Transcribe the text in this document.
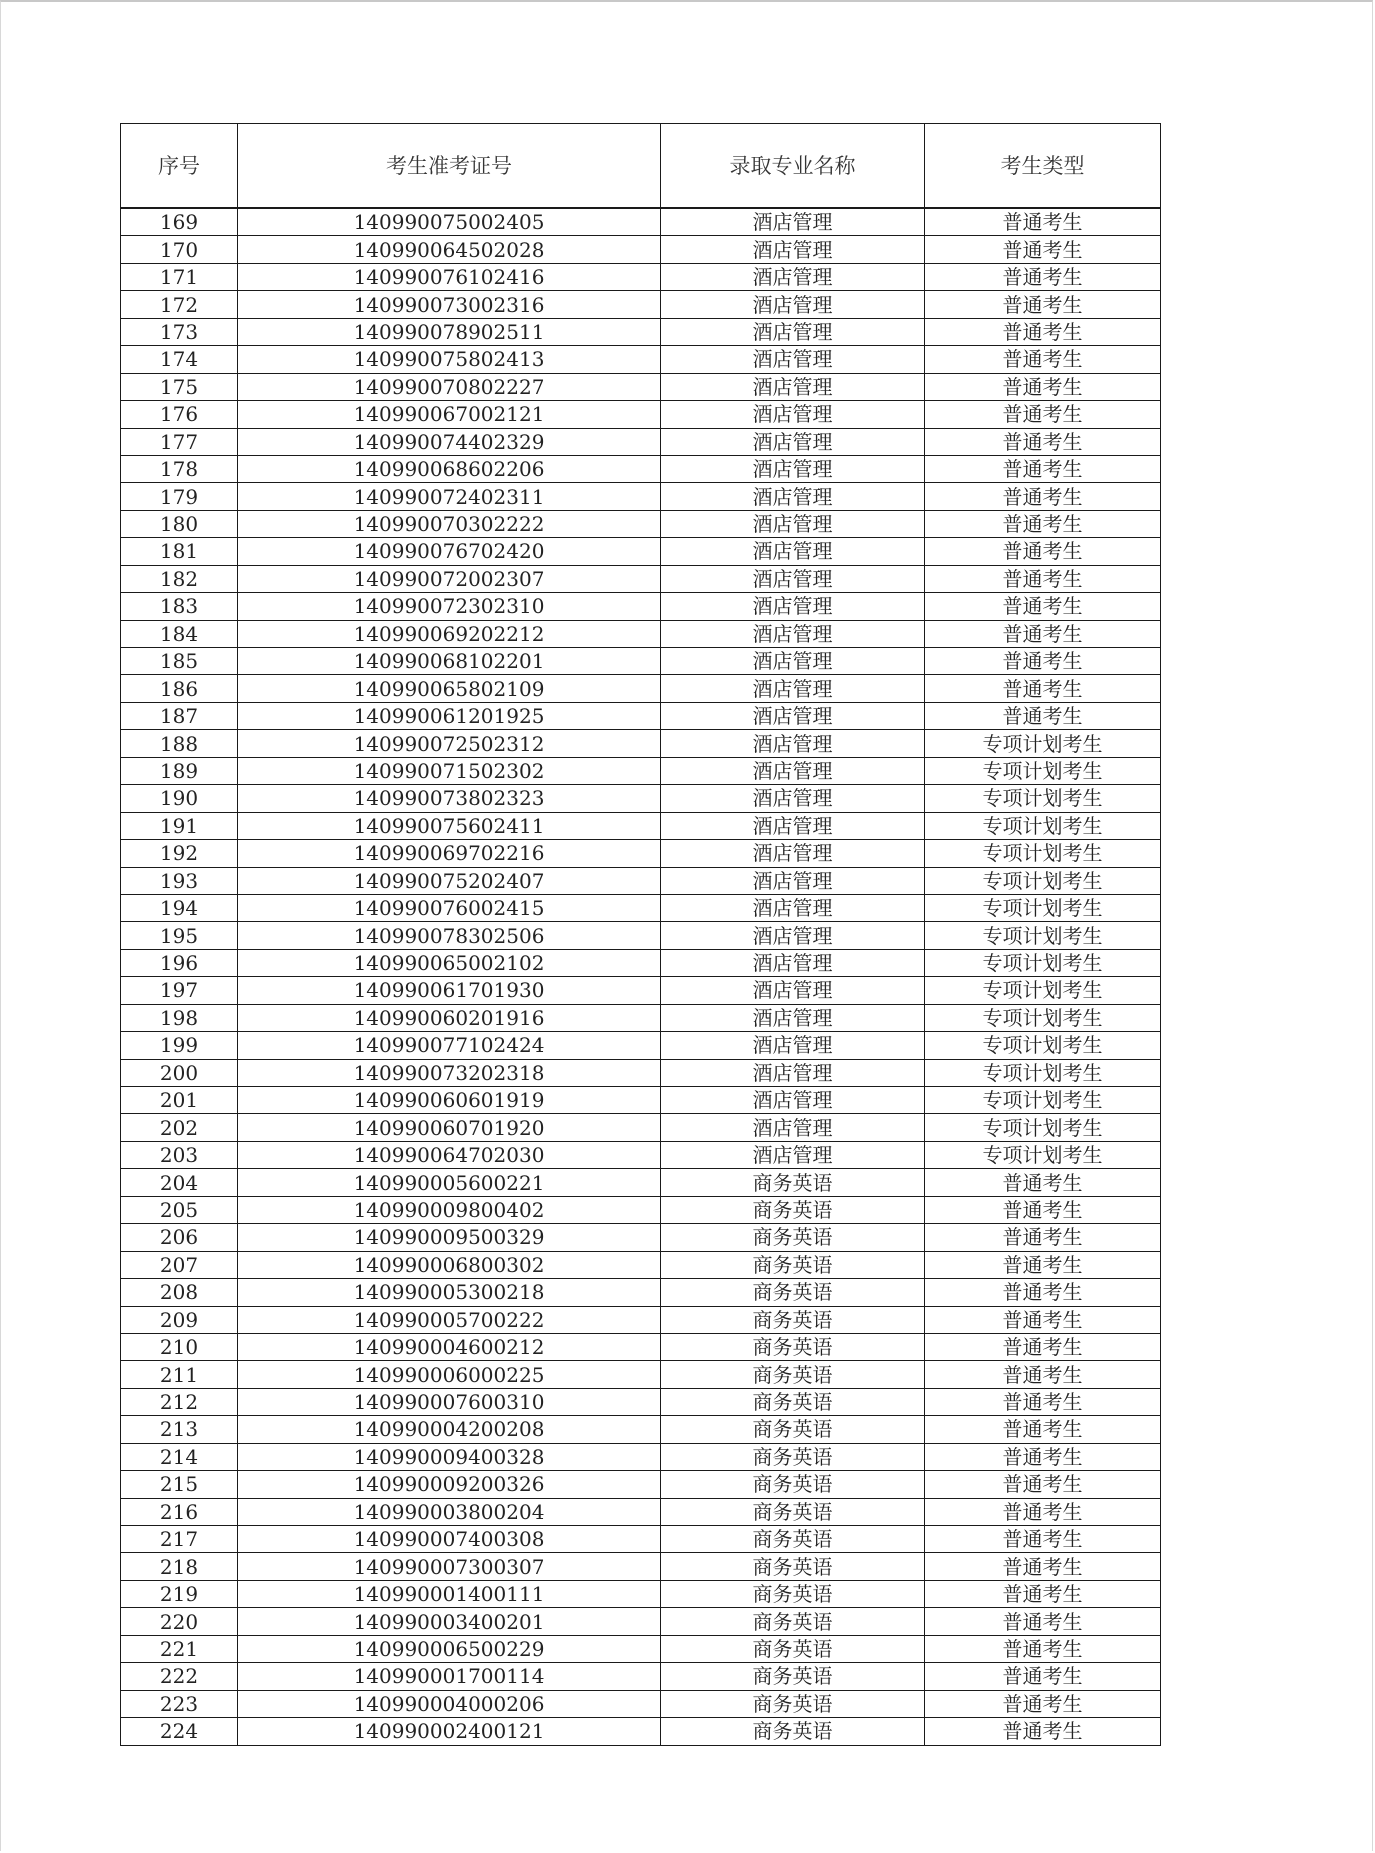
序号	考生准考证号	录取专业名称	考生类型
169	140990075002405	酒店管理	普通考生
170	140990064502028	酒店管理	普通考生
171	140990076102416	酒店管理	普通考生
172	140990073002316	酒店管理	普通考生
173	140990078902511	酒店管理	普通考生
174	140990075802413	酒店管理	普通考生
175	140990070802227	酒店管理	普通考生
176	140990067002121	酒店管理	普通考生
177	140990074402329	酒店管理	普通考生
178	140990068602206	酒店管理	普通考生
179	140990072402311	酒店管理	普通考生
180	140990070302222	酒店管理	普通考生
181	140990076702420	酒店管理	普通考生
182	140990072002307	酒店管理	普通考生
183	140990072302310	酒店管理	普通考生
184	140990069202212	酒店管理	普通考生
185	140990068102201	酒店管理	普通考生
186	140990065802109	酒店管理	普通考生
187	140990061201925	酒店管理	普通考生
188	140990072502312	酒店管理	专项计划考生
189	140990071502302	酒店管理	专项计划考生
190	140990073802323	酒店管理	专项计划考生
191	140990075602411	酒店管理	专项计划考生
192	140990069702216	酒店管理	专项计划考生
193	140990075202407	酒店管理	专项计划考生
194	140990076002415	酒店管理	专项计划考生
195	140990078302506	酒店管理	专项计划考生
196	140990065002102	酒店管理	专项计划考生
197	140990061701930	酒店管理	专项计划考生
198	140990060201916	酒店管理	专项计划考生
199	140990077102424	酒店管理	专项计划考生
200	140990073202318	酒店管理	专项计划考生
201	140990060601919	酒店管理	专项计划考生
202	140990060701920	酒店管理	专项计划考生
203	140990064702030	酒店管理	专项计划考生
204	140990005600221	商务英语	普通考生
205	140990009800402	商务英语	普通考生
206	140990009500329	商务英语	普通考生
207	140990006800302	商务英语	普通考生
208	140990005300218	商务英语	普通考生
209	140990005700222	商务英语	普通考生
210	140990004600212	商务英语	普通考生
211	140990006000225	商务英语	普通考生
212	140990007600310	商务英语	普通考生
213	140990004200208	商务英语	普通考生
214	140990009400328	商务英语	普通考生
215	140990009200326	商务英语	普通考生
216	140990003800204	商务英语	普通考生
217	140990007400308	商务英语	普通考生
218	140990007300307	商务英语	普通考生
219	140990001400111	商务英语	普通考生
220	140990003400201	商务英语	普通考生
221	140990006500229	商务英语	普通考生
222	140990001700114	商务英语	普通考生
223	140990004000206	商务英语	普通考生
224	140990002400121	商务英语	普通考生
